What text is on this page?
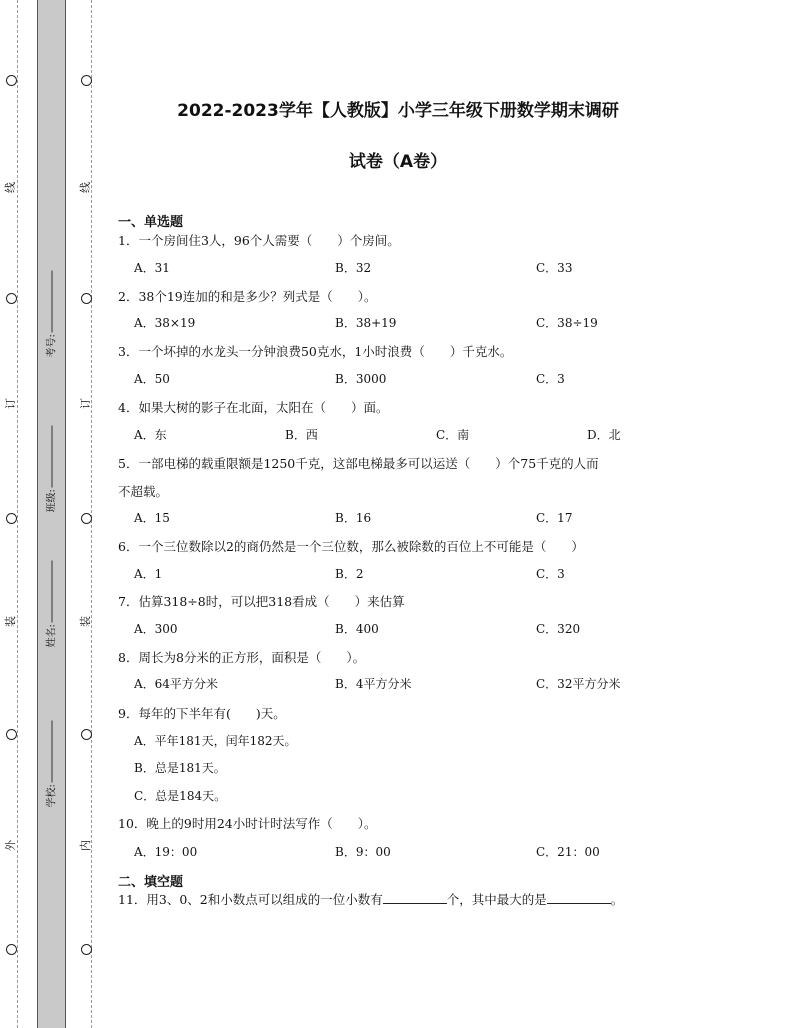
线
订
装
外
线
订
装
内
考号:
班级:
姓名:
学校:
2022-2023学年【人教版】小学三年级下册数学期末调研
试卷（A卷）
一、单选题
1．一个房间住3人，96个人需要（　　）个房间。
A．31	B．32	C．33
2．38个19连加的和是多少？列式是（　　）。
A．38×19	B．38+19	C．38÷19
3．一个坏掉的水龙头一分钟浪费50克水，1小时浪费（　　）千克水。
A．50	B．3000	C．3
4．如果大树的影子在北面，太阳在（　　）面。
A．东	B．西	C．南	D．北
5．一部电梯的载重限额是1250千克，这部电梯最多可以运送（　　）个75千克的人而
不超载。
A．15	B．16	C．17
6．一个三位数除以2的商仍然是一个三位数，那么被除数的百位上不可能是（　　）
A．1	B．2	C．3
7．估算318÷8时，可以把318看成（　　）来估算
A．300	B．400	C．320
8．周长为8分米的正方形，面积是（　　）。
A．64平方分米	B．4平方分米	C．32平方分米
9．每年的下半年有(　　)天。
A．平年181天，闰年182天。
B．总是181天。
C．总是184天。
10．晚上的9时用24小时计时法写作（　　）。
A．19：00	B．9：00	C．21：00
二、填空题
11．用3、0、2和小数点可以组成的一位小数有	个，其中最大的是	。
